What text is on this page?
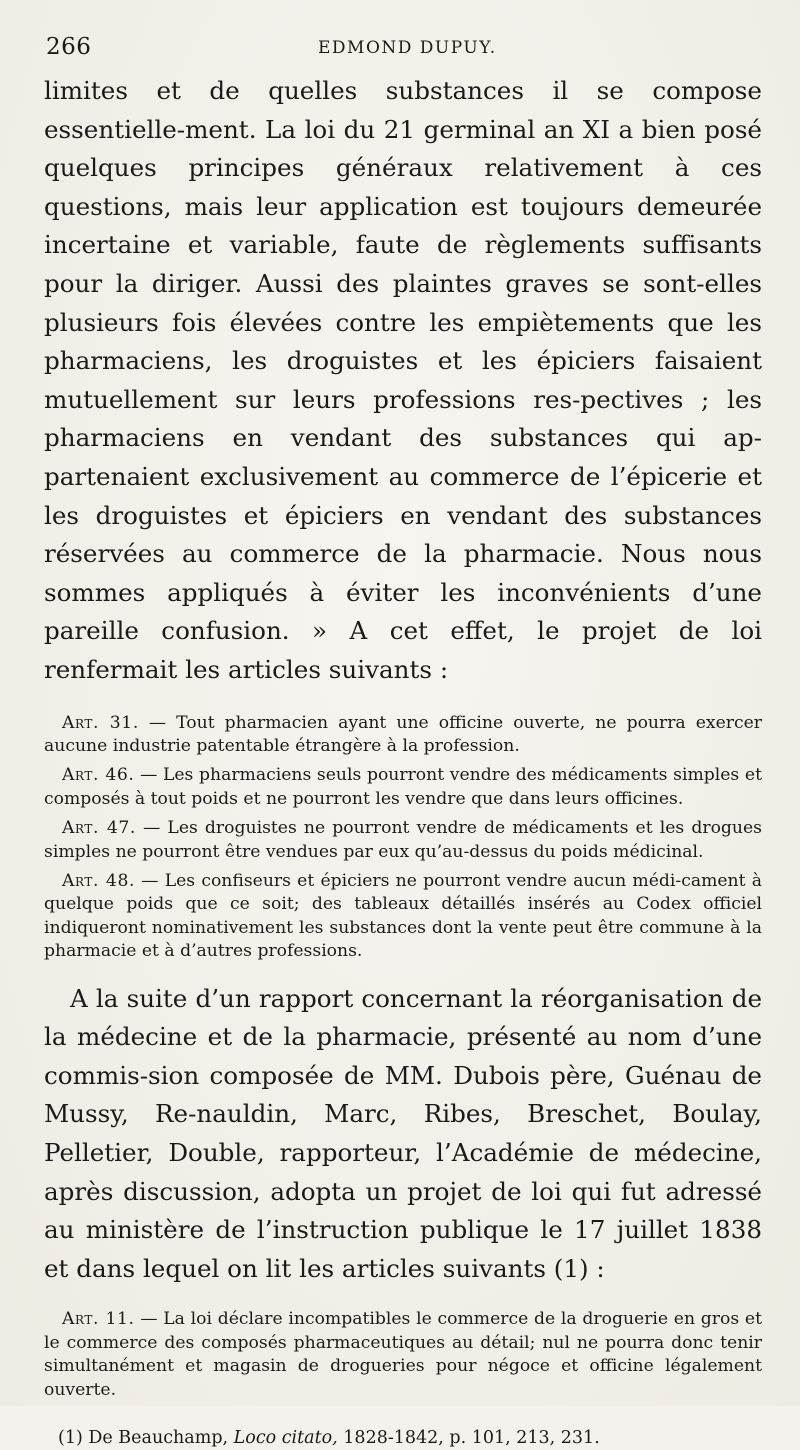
266	EDMOND DUPUY.

limites et de quelles substances il se compose essentielle-ment. La loi du 21 germinal an XI a bien posé quelques principes généraux relativement à ces questions, mais leur application est toujours demeurée incertaine et variable, faute de règlements suffisants pour la diriger. Aussi des plaintes graves se sont-elles plusieurs fois élevées contre les empiètements que les pharmaciens, les droguistes et les épiciers faisaient mutuellement sur leurs professions res-pectives ; les pharmaciens en vendant des substances qui ap-partenaient exclusivement au commerce de l’épicerie et les droguistes et épiciers en vendant des substances réservées au commerce de la pharmacie. Nous nous sommes appliqués à éviter les inconvénients d’une pareille confusion. » A cet effet, le projet de loi renfermait les articles suivants :

Art. 31. — Tout pharmacien ayant une officine ouverte, ne pourra exercer aucune industrie patentable étrangère à la profession.

Art. 46. — Les pharmaciens seuls pourront vendre des médicaments simples et composés à tout poids et ne pourront les vendre que dans leurs officines.

Art. 47. — Les droguistes ne pourront vendre de médicaments et les drogues simples ne pourront être vendues par eux qu’au-dessus du poids médicinal.

Art. 48. — Les confiseurs et épiciers ne pourront vendre aucun médi-cament à quelque poids que ce soit; des tableaux détaillés insérés au Codex officiel indiqueront nominativement les substances dont la vente peut être commune à la pharmacie et à d’autres professions.

A la suite d’un rapport concernant la réorganisation de la médecine et de la pharmacie, présenté au nom d’une commis-sion composée de MM. Dubois père, Guénau de Mussy, Re-nauldin, Marc, Ribes, Breschet, Boulay, Pelletier, Double, rapporteur, l’Académie de médecine, après discussion, adopta un projet de loi qui fut adressé au ministère de l’instruction publique le 17 juillet 1838 et dans lequel on lit les articles suivants (1) :

Art. 11. — La loi déclare incompatibles le commerce de la droguerie en gros et le commerce des composés pharmaceutiques au détail; nul ne pourra donc tenir simultanément et magasin de drogueries pour négoce et officine légalement ouverte.

(1) De Beauchamp, Loco citato, 1828-1842, p. 101, 213, 231.
